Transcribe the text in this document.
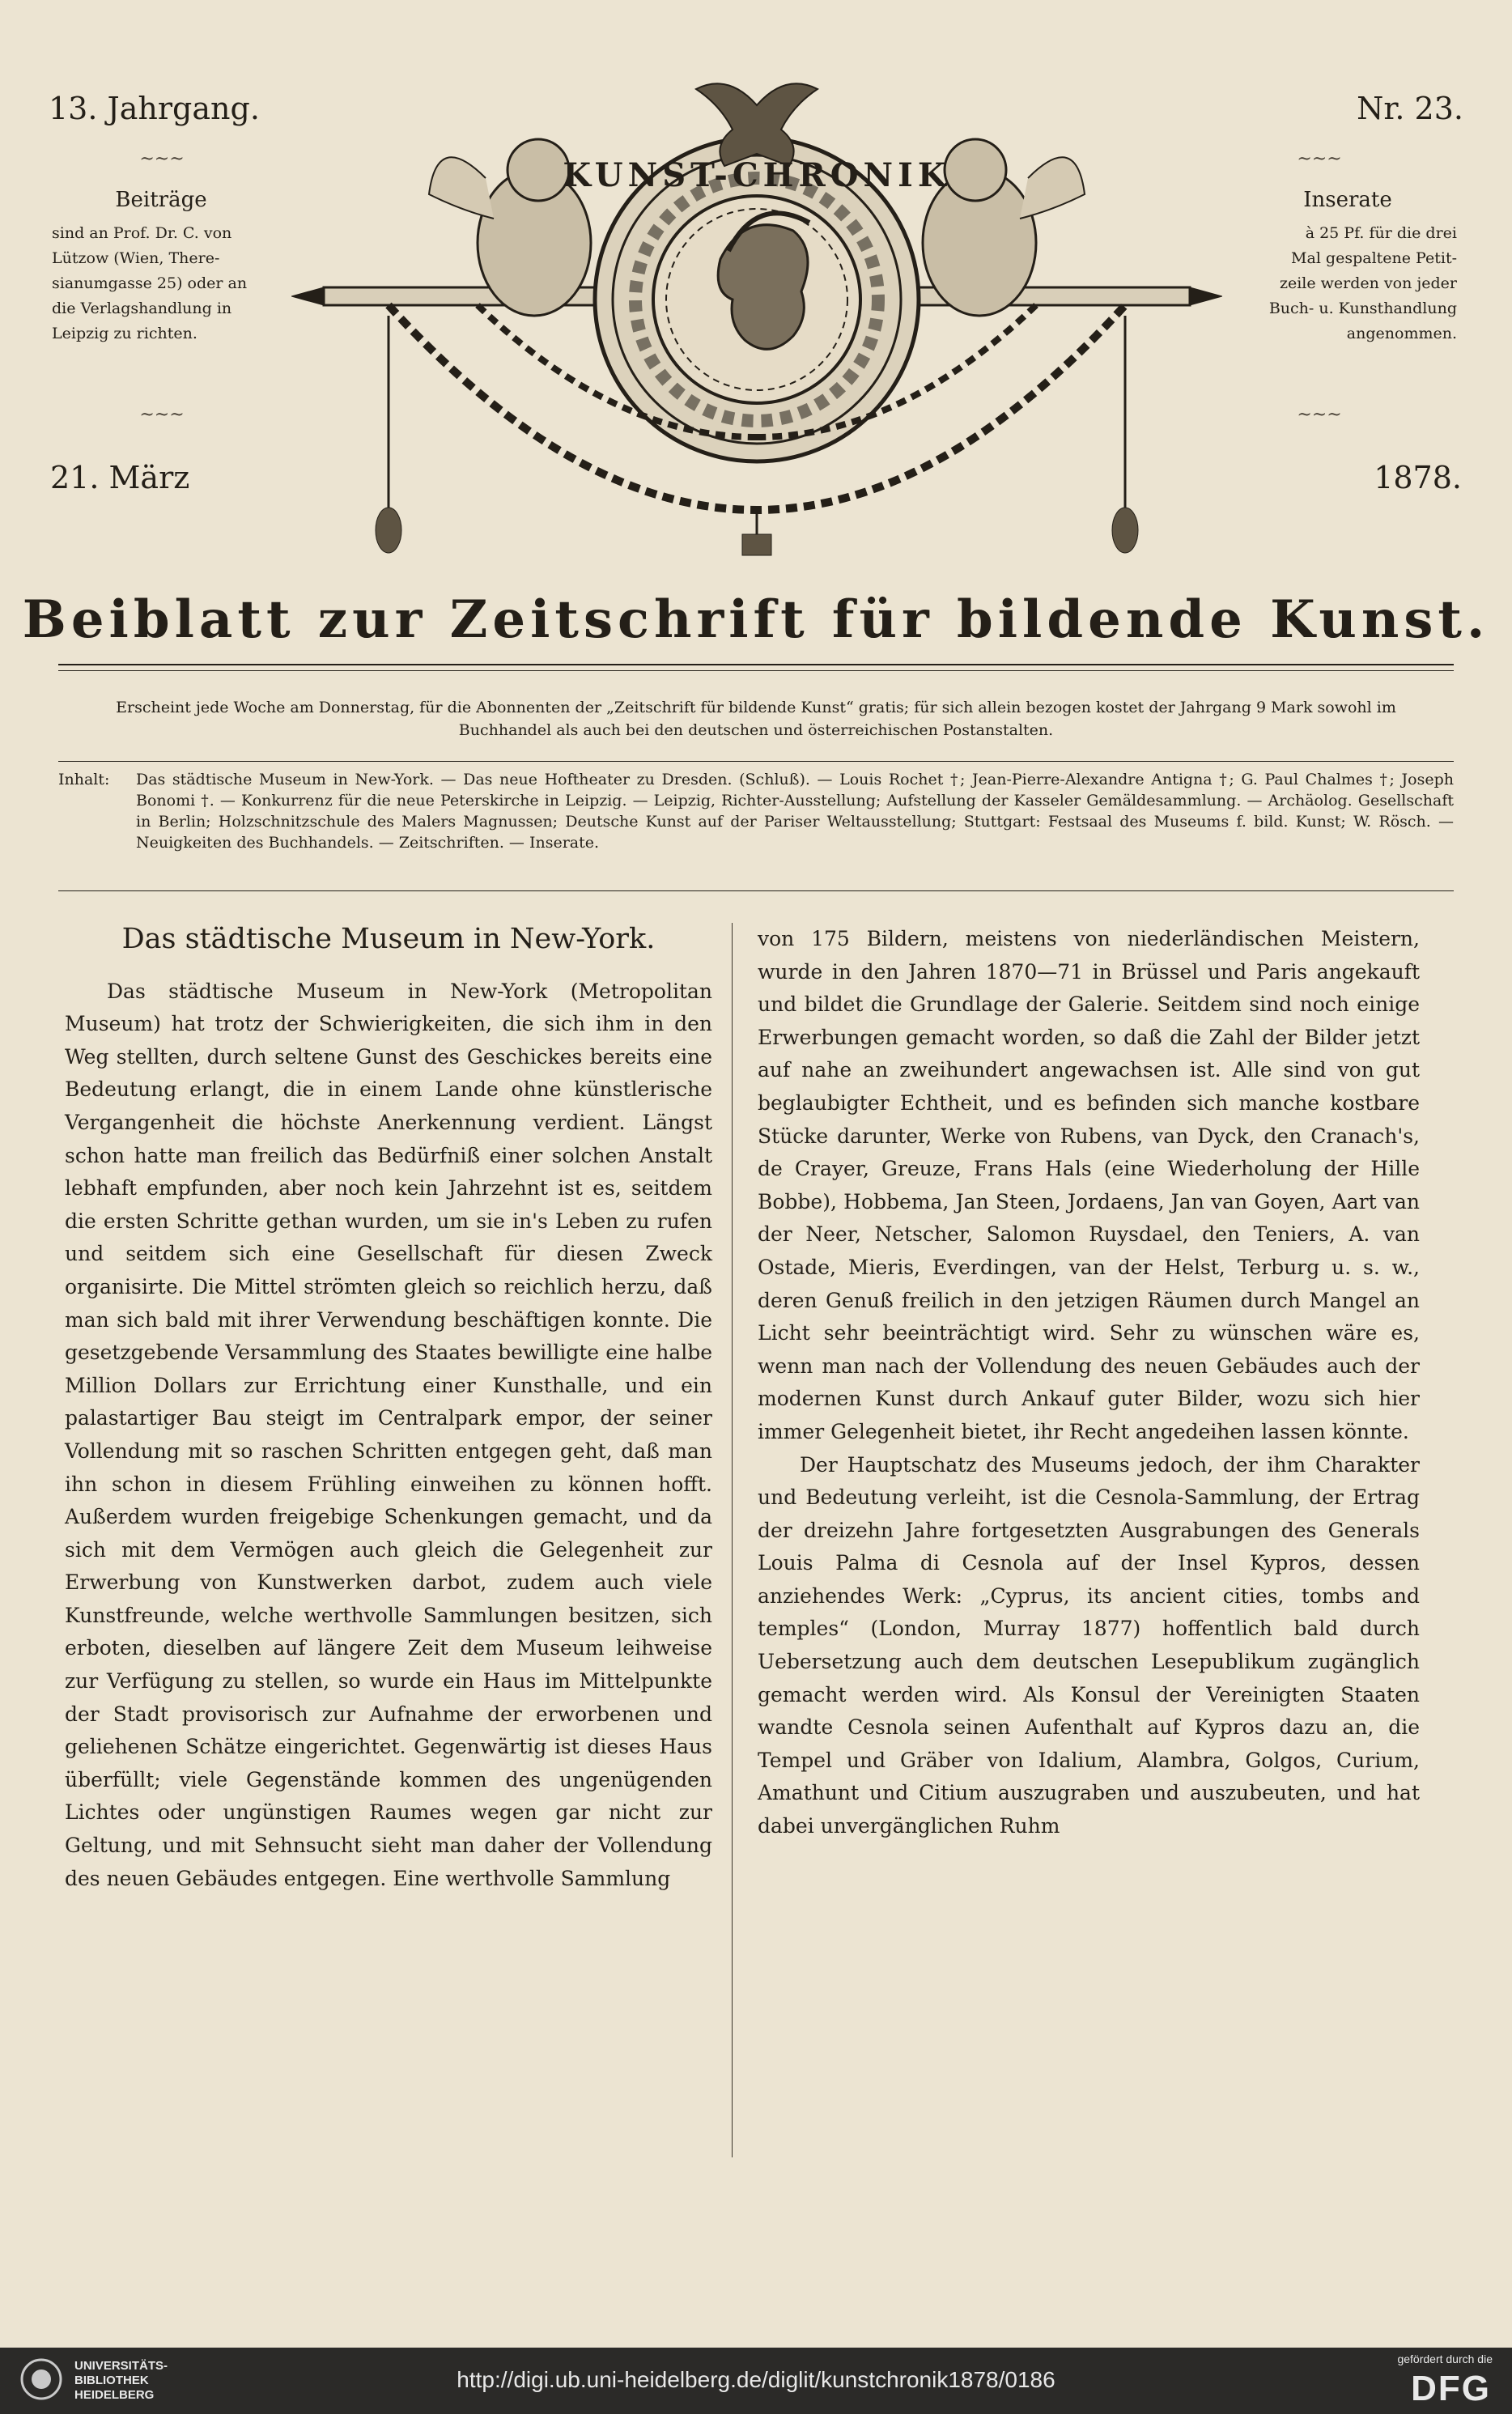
KUNST-CHRONIK
13. Jahrgang.	Nr. 23.
~~~	~~~
Beiträge
sind an Prof. Dr. C. von
Lützow (Wien, There-
sianumgasse 25) oder an
die Verlagshandlung in
Leipzig zu richten.
Inserate
à 25 Pf. für die drei
Mal gespaltene Petit-
zeile werden von jeder
Buch- u. Kunsthandlung
angenommen.
~~~	~~~
21. März	1878.
Beiblatt zur Zeitschrift für bildende Kunst.
Erscheint jede Woche am Donnerstag, für die Abonnenten der „Zeitschrift für bildende Kunst“ gratis; für sich allein bezogen kostet der Jahrgang 9 Mark sowohl im Buchhandel als auch bei den deutschen und österreichischen Postanstalten.
Inhalt: Das städtische Museum in New-York. — Das neue Hoftheater zu Dresden. (Schluß). — Louis Rochet †; Jean-Pierre-Alexandre Antigna †; G. Paul Chalmes †; Joseph Bonomi †. — Konkurrenz für die neue Peterskirche in Leipzig. — Leipzig, Richter-Ausstellung; Aufstellung der Kasseler Gemäldesammlung. — Archäolog. Gesellschaft in Berlin; Holzschnitzschule des Malers Magnussen; Deutsche Kunst auf der Pariser Weltausstellung; Stuttgart: Festsaal des Museums f. bild. Kunst; W. Rösch. — Neuigkeiten des Buchhandels. — Zeitschriften. — Inserate.
Das städtische Museum in New-York.

Das städtische Museum in New-York (Metropolitan Museum) hat trotz der Schwierigkeiten, die sich ihm in den Weg stellten, durch seltene Gunst des Geschickes bereits eine Bedeutung erlangt, die in einem Lande ohne künstlerische Vergangenheit die höchste Anerkennung verdient. Längst schon hatte man freilich das Bedürfniß einer solchen Anstalt lebhaft empfunden, aber noch kein Jahrzehnt ist es, seitdem die ersten Schritte gethan wurden, um sie in's Leben zu rufen und seitdem sich eine Gesellschaft für diesen Zweck organisirte. Die Mittel strömten gleich so reichlich herzu, daß man sich bald mit ihrer Verwendung beschäftigen konnte. Die gesetzgebende Versammlung des Staates bewilligte eine halbe Million Dollars zur Errichtung einer Kunsthalle, und ein palastartiger Bau steigt im Centralpark empor, der seiner Vollendung mit so raschen Schritten entgegen geht, daß man ihn schon in diesem Frühling einweihen zu können hofft. Außerdem wurden freigebige Schenkungen gemacht, und da sich mit dem Vermögen auch gleich die Gelegenheit zur Erwerbung von Kunstwerken darbot, zudem auch viele Kunstfreunde, welche werthvolle Sammlungen besitzen, sich erboten, dieselben auf längere Zeit dem Museum leihweise zur Verfügung zu stellen, so wurde ein Haus im Mittelpunkte der Stadt provisorisch zur Aufnahme der erworbenen und geliehenen Schätze eingerichtet. Gegenwärtig ist dieses Haus überfüllt; viele Gegenstände kommen des ungenügenden Lichtes oder ungünstigen Raumes wegen gar nicht zur Geltung, und mit Sehnsucht sieht man daher der Vollendung des neuen Gebäudes entgegen. Eine werthvolle Sammlung

von 175 Bildern, meistens von niederländischen Meistern, wurde in den Jahren 1870—71 in Brüssel und Paris angekauft und bildet die Grundlage der Galerie. Seitdem sind noch einige Erwerbungen gemacht worden, so daß die Zahl der Bilder jetzt auf nahe an zweihundert angewachsen ist. Alle sind von gut beglaubigter Echtheit, und es befinden sich manche kostbare Stücke darunter, Werke von Rubens, van Dyck, den Cranach's, de Crayer, Greuze, Frans Hals (eine Wiederholung der Hille Bobbe), Hobbema, Jan Steen, Jordaens, Jan van Goyen, Aart van der Neer, Netscher, Salomon Ruysdael, den Teniers, A. van Ostade, Mieris, Everdingen, van der Helst, Terburg u. s. w., deren Genuß freilich in den jetzigen Räumen durch Mangel an Licht sehr beeinträchtigt wird. Sehr zu wünschen wäre es, wenn man nach der Vollendung des neuen Gebäudes auch der modernen Kunst durch Ankauf guter Bilder, wozu sich hier immer Gelegenheit bietet, ihr Recht angedeihen lassen könnte.

Der Hauptschatz des Museums jedoch, der ihm Charakter und Bedeutung verleiht, ist die Cesnola-Sammlung, der Ertrag der dreizehn Jahre fortgesetzten Ausgrabungen des Generals Louis Palma di Cesnola auf der Insel Kypros, dessen anziehendes Werk: „Cyprus, its ancient cities, tombs and temples“ (London, Murray 1877) hoffentlich bald durch Uebersetzung auch dem deutschen Lesepublikum zugänglich gemacht werden wird. Als Konsul der Vereinigten Staaten wandte Cesnola seinen Aufenthalt auf Kypros dazu an, die Tempel und Gräber von Idalium, Alambra, Golgos, Curium, Amathunt und Citium auszugraben und auszubeuten, und hat dabei unvergänglichen Ruhm

UNIVERSITÄTS-
BIBLIOTHEK
HEIDELBERG
http://digi.ub.uni-heidelberg.de/diglit/kunstchronik1878/0186
gefördert durch die
DFG
